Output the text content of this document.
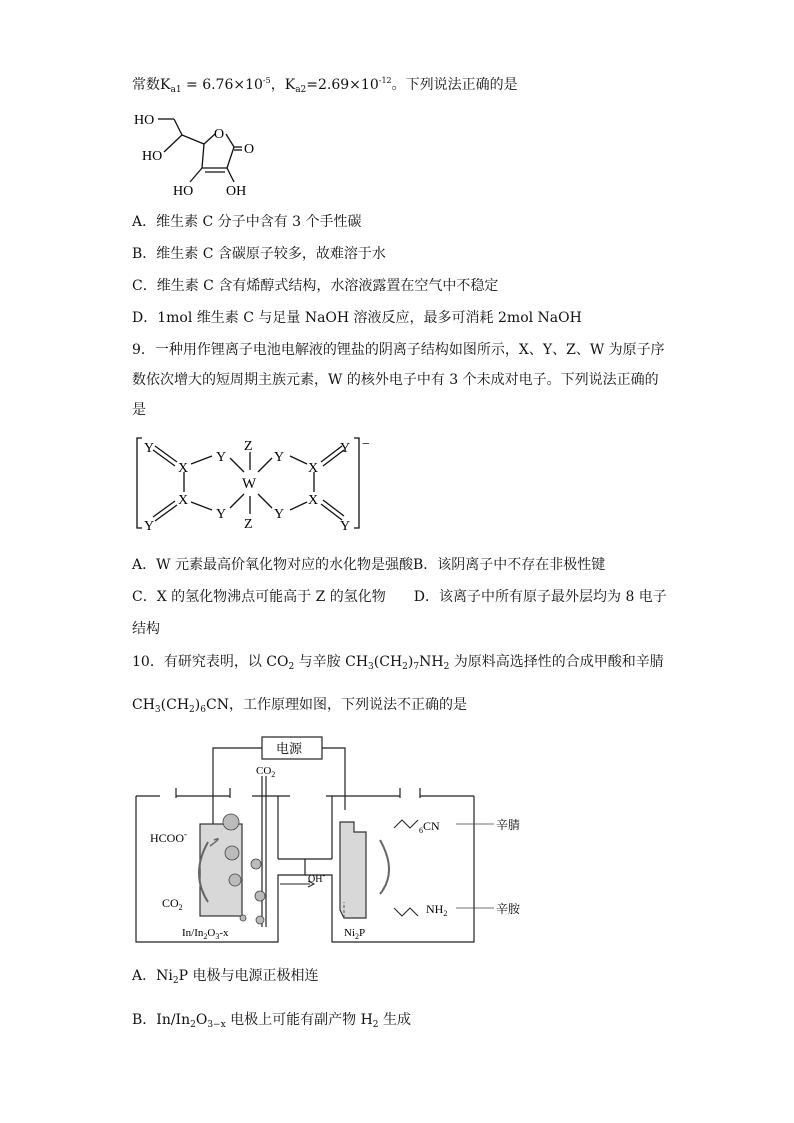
常数$K_{a1} = 6.76\times 10^{-5}$，$K_{a2}=2.69\times 10^{-12}$。下列说法正确的是
HO
HO
O
O
HO OH
A．维生素 C 分子中含有 3 个手性碳
B．维生素 C 含碳原子较多，故难溶于水
C．维生素 C 含有烯醇式结构，水溶液露置在空气中不稳定
D．1mol 维生素 C 与足量 NaOH 溶液反应，最多可消耗 2mol NaOH
9．一种用作锂离子电池电解液的锂盐的阴离子结构如图所示，X、Y、Z、W 为原子序
数依次增大的短周期主族元素，W 的核外电子中有 3 个未成对电子。下列说法正确的
是
Y
X
Y
Z
W
Y
X
Y −
Y
X
Y
Z
Y
X
Y
A．W 元素最高价氧化物对应的水化物是强酸B．该阴离子中不存在非极性键
C．X 的氢化物沸点可能高于 Z 的氢化物 D．该离子中所有原子最外层均为 8 电子
结构
10．有研究表明，以 $CO_2$ 与辛胺 $CH_3(CH_2)_7NH_2$ 为原料高选择性的合成甲酸和辛腈
$CH_3(CH_2)_6CN$，工作原理如图，下列说法不正确的是
电源
$CO_2$
HCOO-
$CO_2$
$In/In_2O_3-x$
OH-
$Ni_2P$
$_6$CN	辛腈
$NH_2$	辛胺
A．$Ni_2P$ 电极与电源正极相连
B．$In/In_2O_{3-x}$ 电极上可能有副产物 $H_2$ 生成
